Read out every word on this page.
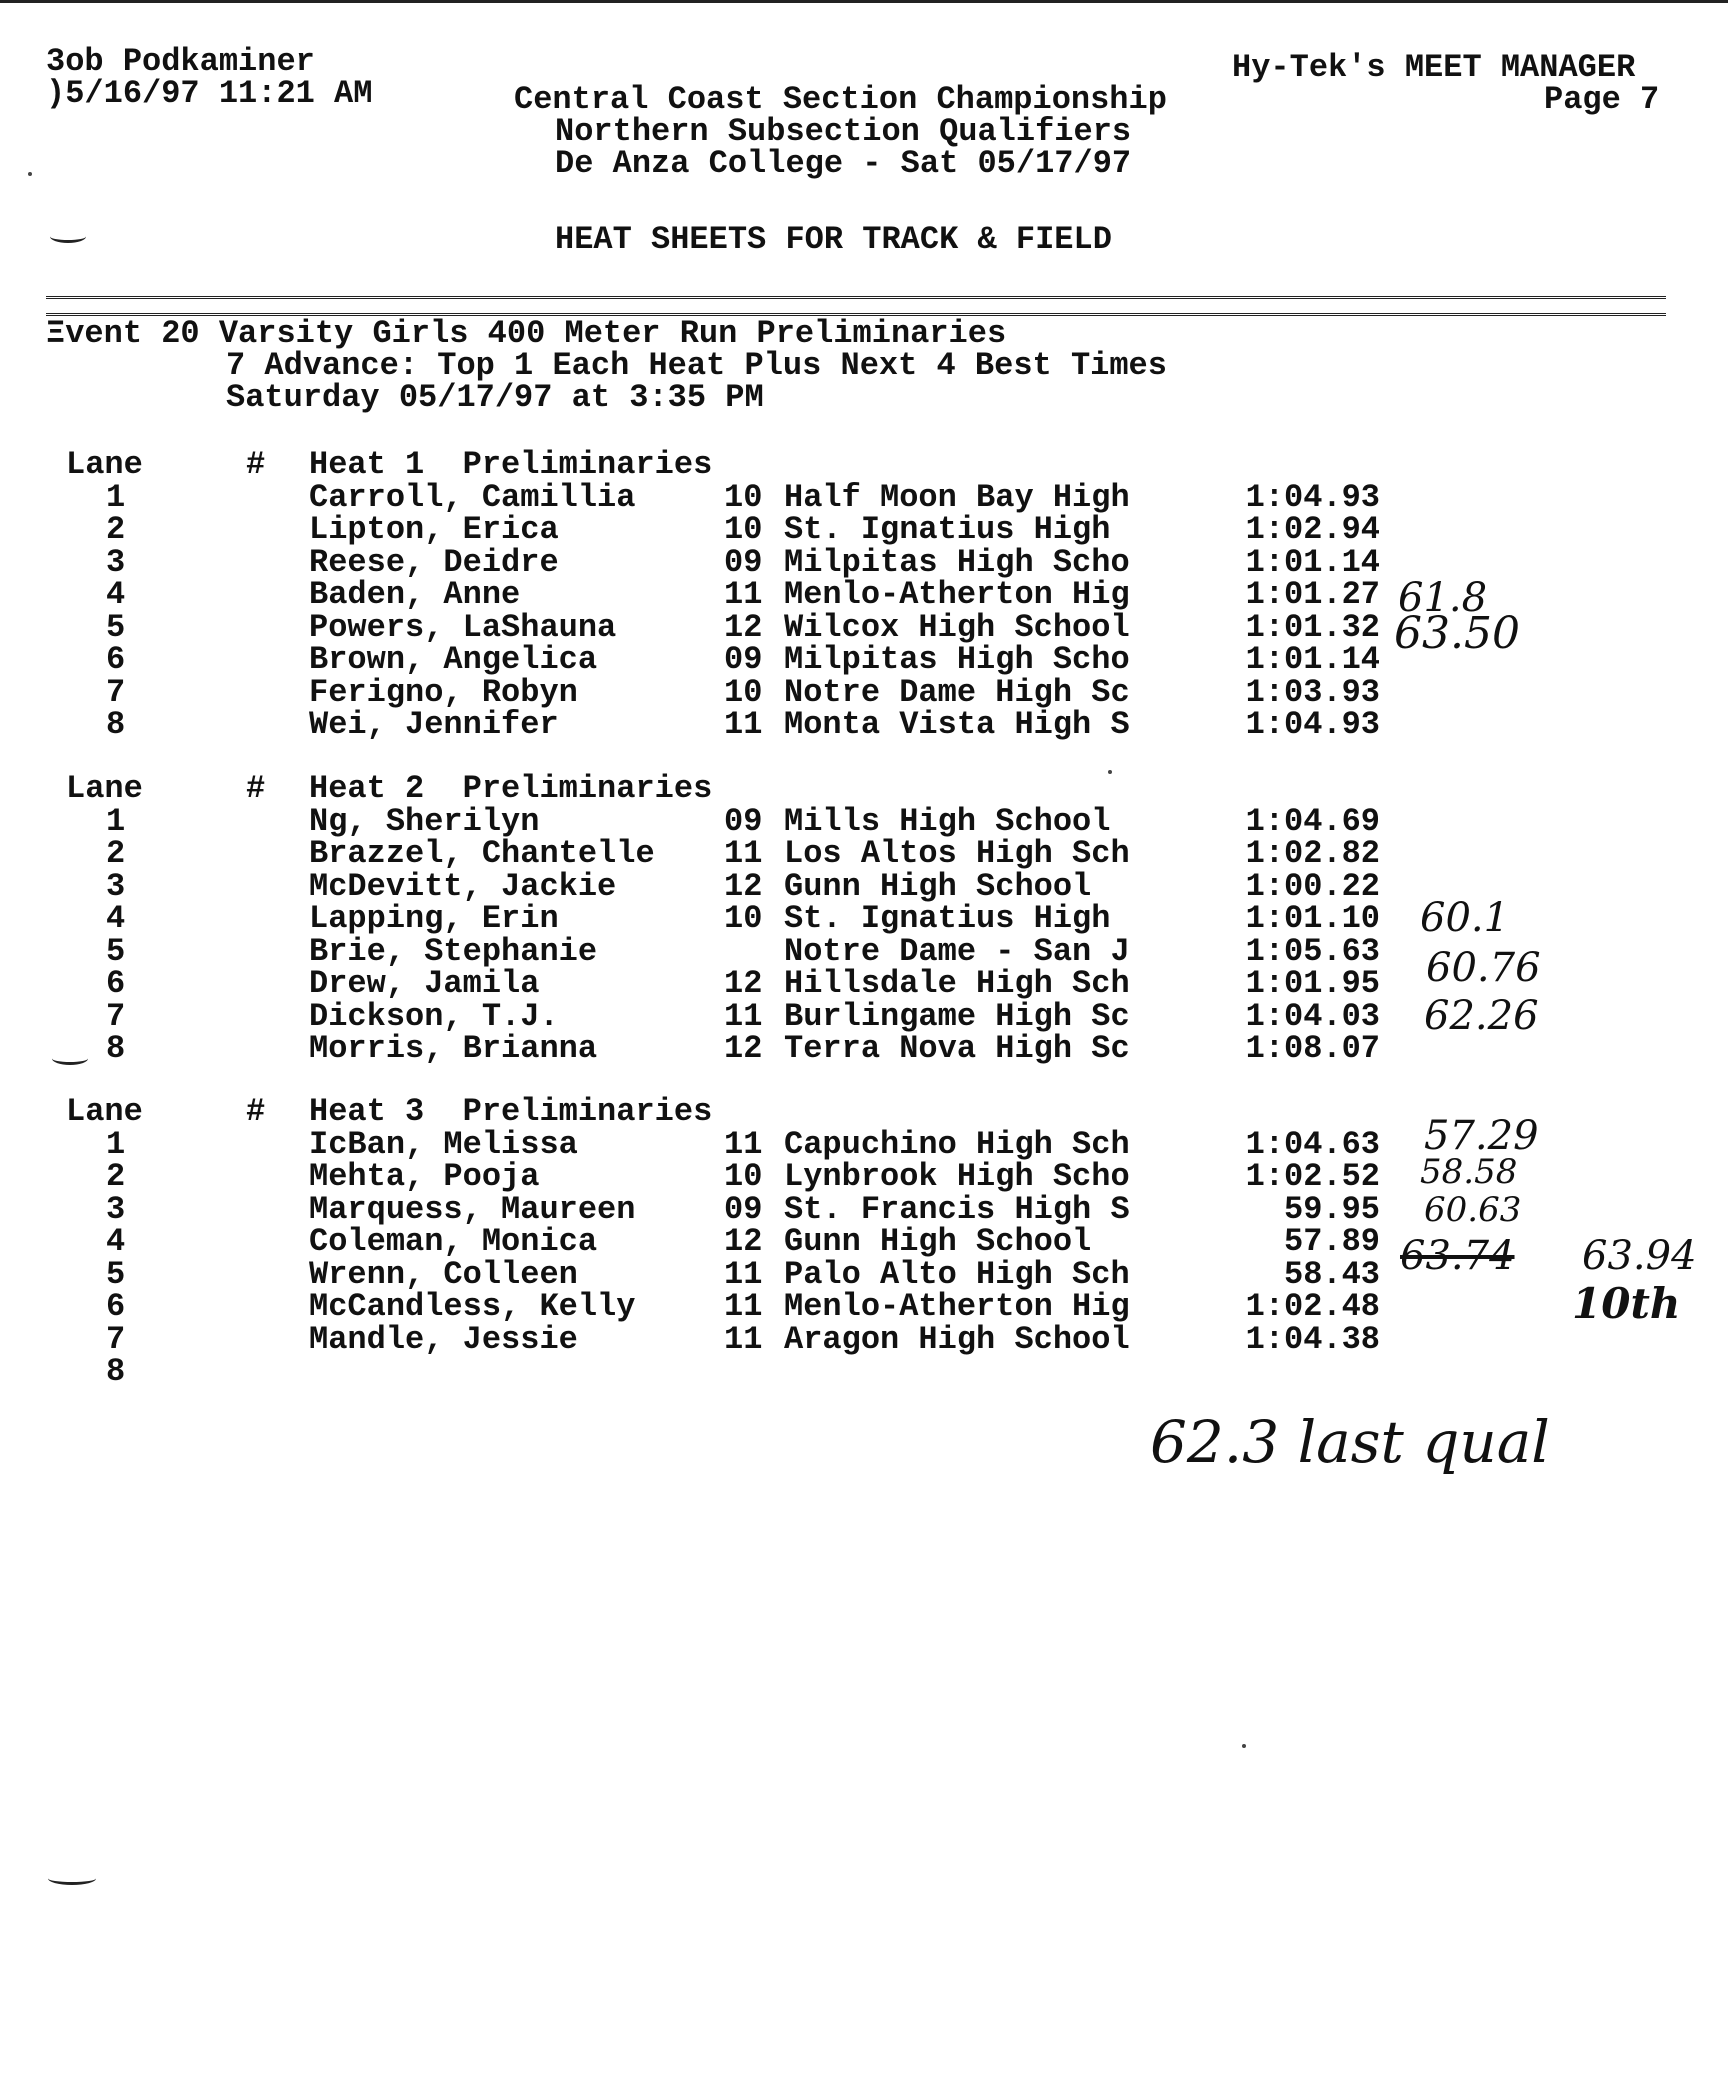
3ob Podkaminer
)5/16/97 11:21 AM
Hy-Tek's MEET MANAGER
Page 7
Central Coast Section Championship
Northern Subsection Qualifiers
De Anza College - Sat 05/17/97
HEAT SHEETS FOR TRACK & FIELD
Ξvent 20 Varsity Girls 400 Meter Run Preliminaries
7 Advance: Top 1 Each Heat Plus Next 4 Best Times
Saturday 05/17/97 at 3:35 PM
Lane	# Heat 1  Preliminaries
1	Carroll, Camillia	10 Half Moon Bay High	1:04.93
2	Lipton, Erica	10 St. Ignatius High	1:02.94
3	Reese, Deidre	09 Milpitas High Scho	1:01.14
4	Baden, Anne	11 Menlo-Atherton Hig	1:01.27
5	Powers, LaShauna	12 Wilcox High School	1:01.32
6	Brown, Angelica	09 Milpitas High Scho	1:01.14
7	Ferigno, Robyn	10 Notre Dame High Sc	1:03.93
8	Wei, Jennifer	11 Monta Vista High S	1:04.93
Lane	# Heat 2  Preliminaries
1	Ng, Sherilyn	09 Mills High School	1:04.69
2	Brazzel, Chantelle 11 Los Altos High Sch	1:02.82
3	McDevitt, Jackie	12 Gunn High School	1:00.22
4	Lapping, Erin	10 St. Ignatius High	1:01.10
5	Brie, Stephanie	Notre Dame - San J	1:05.63
6	Drew, Jamila	12 Hillsdale High Sch	1:01.95
7	Dickson, T.J.	11 Burlingame High Sc	1:04.03
8	Morris, Brianna	12 Terra Nova High Sc	1:08.07
Lane	# Heat 3  Preliminaries
1	IcBan, Melissa	11 Capuchino High Sch	1:04.63
2	Mehta, Pooja	10 Lynbrook High Scho	1:02.52
3	Marquess, Maureen	09 St. Francis High S	59.95
4	Coleman, Monica	12 Gunn High School	57.89
5	Wrenn, Colleen	11 Palo Alto High Sch	58.43
6	McCandless, Kelly	11 Menlo-Atherton Hig	1:02.48
7	Mandle, Jessie	11 Aragon High School	1:04.38
8
61.8
63.50
60.1
60.76
62.26
57.29
58.58
60.63
63.74 63.94
10th
62.3 last qual
